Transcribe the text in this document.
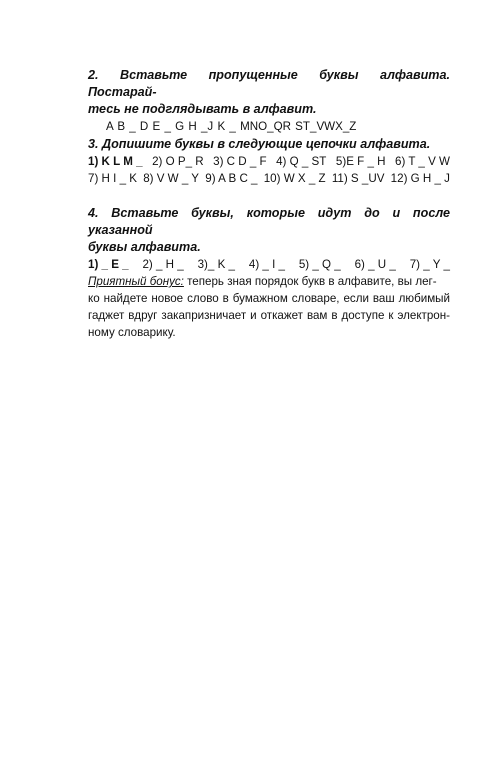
2. Вставьте пропущенные буквы алфавита. Постарай-
тесь не подглядывать в алфавит.

A B _ D E _ G H _J K _ MNO_QR ST_VWX_Z

3. Допишите буквы в следующие цепочки алфавита.

1) K L M _ 2) O P_ R 3) C D _ F 4) Q _ ST 5)E F _ H 6) T _ V W
7) H I _ K 8) V W _ Y 9) A B C _ 10) W X _ Z 11) S _UV 12) G H _ J

4. Вставьте буквы, которые идут до и после указанной
буквы алфавита.

1) _ E _ 2) _ H _ 3)_ K _ 4) _ I _ 5) _ Q _ 6) _ U _ 7) _ Y _
Приятный бонус: теперь зная порядок букв в алфавите, вы лег-
ко найдете новое слово в бумажном словаре, если ваш любимый
гаджет вдруг закапризничает и откажет вам в доступе к электрон-
ному словарику.
